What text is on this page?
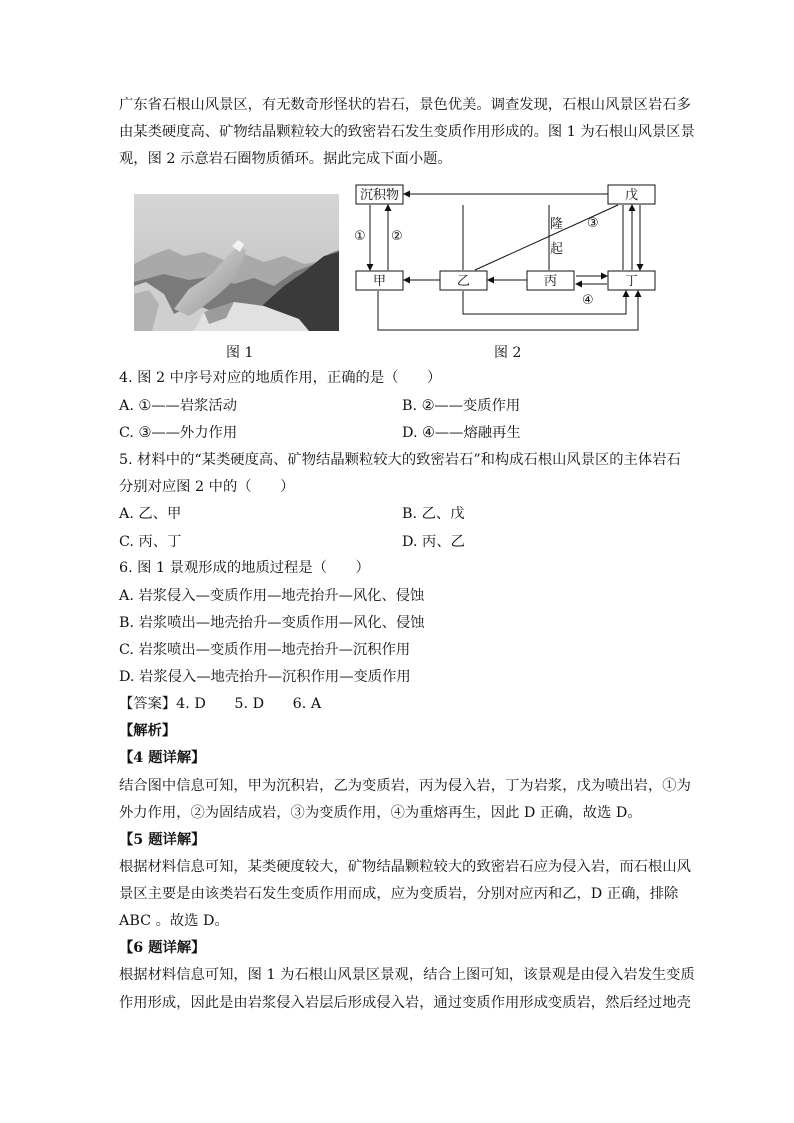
广东省石根山风景区，有无数奇形怪状的岩石，景色优美。调查发现，石根山风景区岩石多
由某类硬度高、矿物结晶颗粒较大的致密岩石发生变质作用形成的。图 1 为石根山风景区景
观，图 2 示意岩石圈物质循环。据此完成下面小题。
图 1
沉积物	戊
甲	乙	丙	丁
① ②
③
④
隆
起
图 2
4. 图 2 中序号对应的地质作用，正确的是（　　）
A. ①——岩浆活动	B. ②——变质作用
C. ③——外力作用	D. ④——熔融再生
5. 材料中的“某类硬度高、矿物结晶颗粒较大的致密岩石”和构成石根山风景区的主体岩石
分别对应图 2 中的（　　）
A. 乙、甲	B. 乙、戊
C. 丙、丁	D. 丙、乙
6. 图 1 景观形成的地质过程是（　　）
A. 岩浆侵入—变质作用—地壳抬升—风化、侵蚀
B. 岩浆喷出—地壳抬升—变质作用—风化、侵蚀
C. 岩浆喷出—变质作用—地壳抬升—沉积作用
D. 岩浆侵入—地壳抬升—沉积作用—变质作用
【答案】4. D　　5. D　　6. A
【解析】
【4 题详解】
结合图中信息可知，甲为沉积岩，乙为变质岩，丙为侵入岩，丁为岩浆，戊为喷出岩，①为
外力作用，②为固结成岩，③为变质作用，④为重熔再生，因此 D 正确，故选 D。
【5 题详解】
根据材料信息可知，某类硬度较大，矿物结晶颗粒较大的致密岩石应为侵入岩，而石根山风
景区主要是由该类岩石发生变质作用而成，应为变质岩，分别对应丙和乙，D 正确，排除
ABC 。故选 D。
【6 题详解】
根据材料信息可知，图 1 为石根山风景区景观，结合上图可知，该景观是由侵入岩发生变质
作用形成，因此是由岩浆侵入岩层后形成侵入岩，通过变质作用形成变质岩，然后经过地壳
